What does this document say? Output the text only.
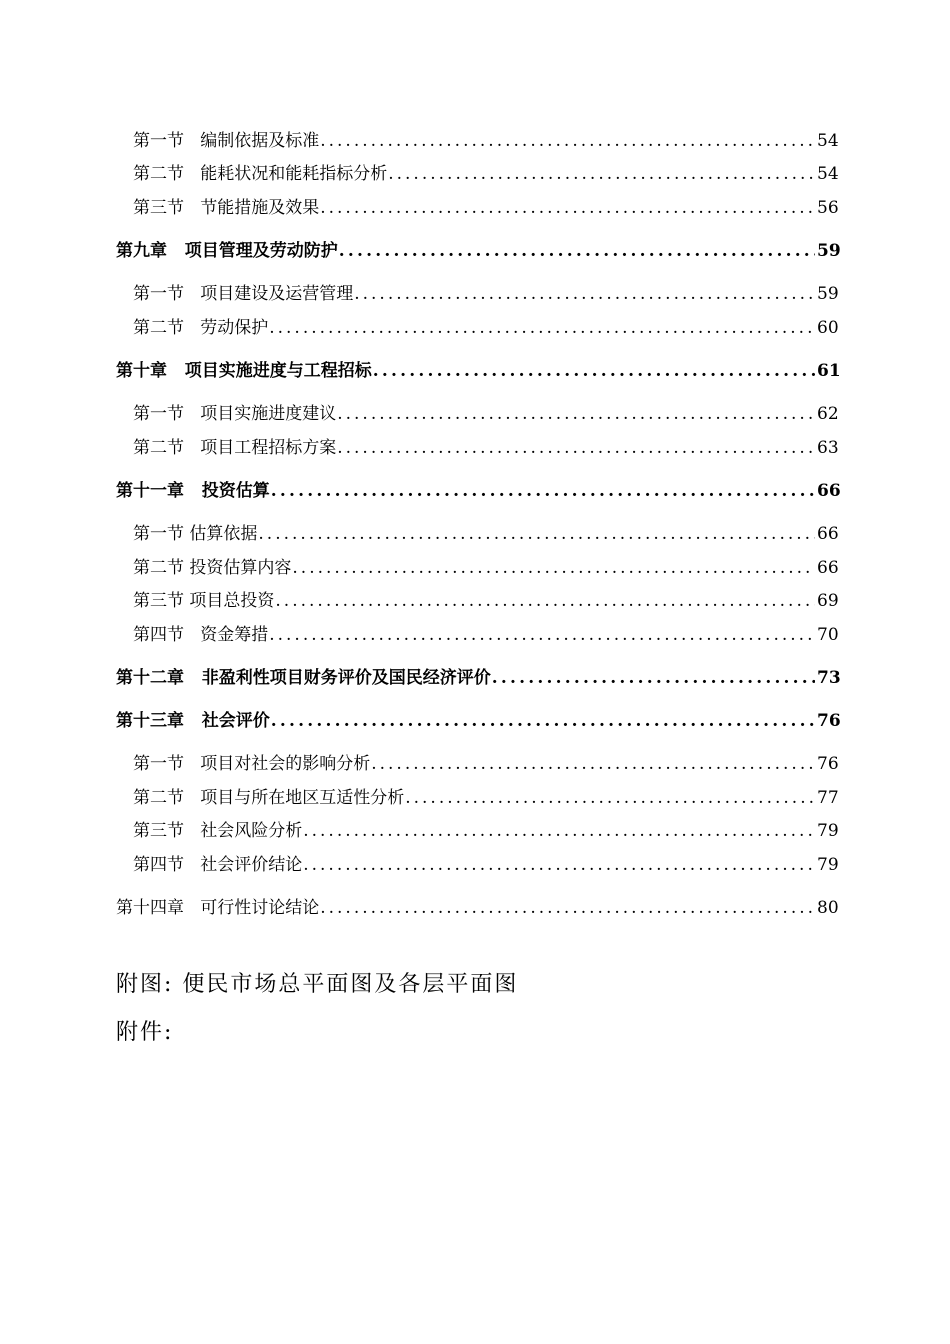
第一节 编制依据及标准 .....	54
第二节 能耗状况和能耗指标分析 .....	54
第三节 节能措施及效果 .....	56
第九章 项目管理及劳动防护 .....	59
第一节 项目建设及运营管理 .....	59
第二节 劳动保护 .....	60
第十章 项目实施进度与工程招标 .....	61
第一节 项目实施进度建议 .....	62
第二节 项目工程招标方案 .....	63
第十一章 投资估算 .....	66
第一节 估算依据 .....	66
第二节 投资估算内容 .....	66
第三节 项目总投资 .....	69
第四节 资金筹措 .....	70
第十二章 非盈利性项目财务评价及国民经济评价 .....	73
第十三章 社会评价 .....	76
第一节 项目对社会的影响分析 .....	76
第二节 项目与所在地区互适性分析 .....	77
第三节 社会风险分析 .....	79
第四节 社会评价结论 .....	79
第十四章 可行性讨论结论 .....	80
附图: 便民市场总平面图及各层平面图
附件:
